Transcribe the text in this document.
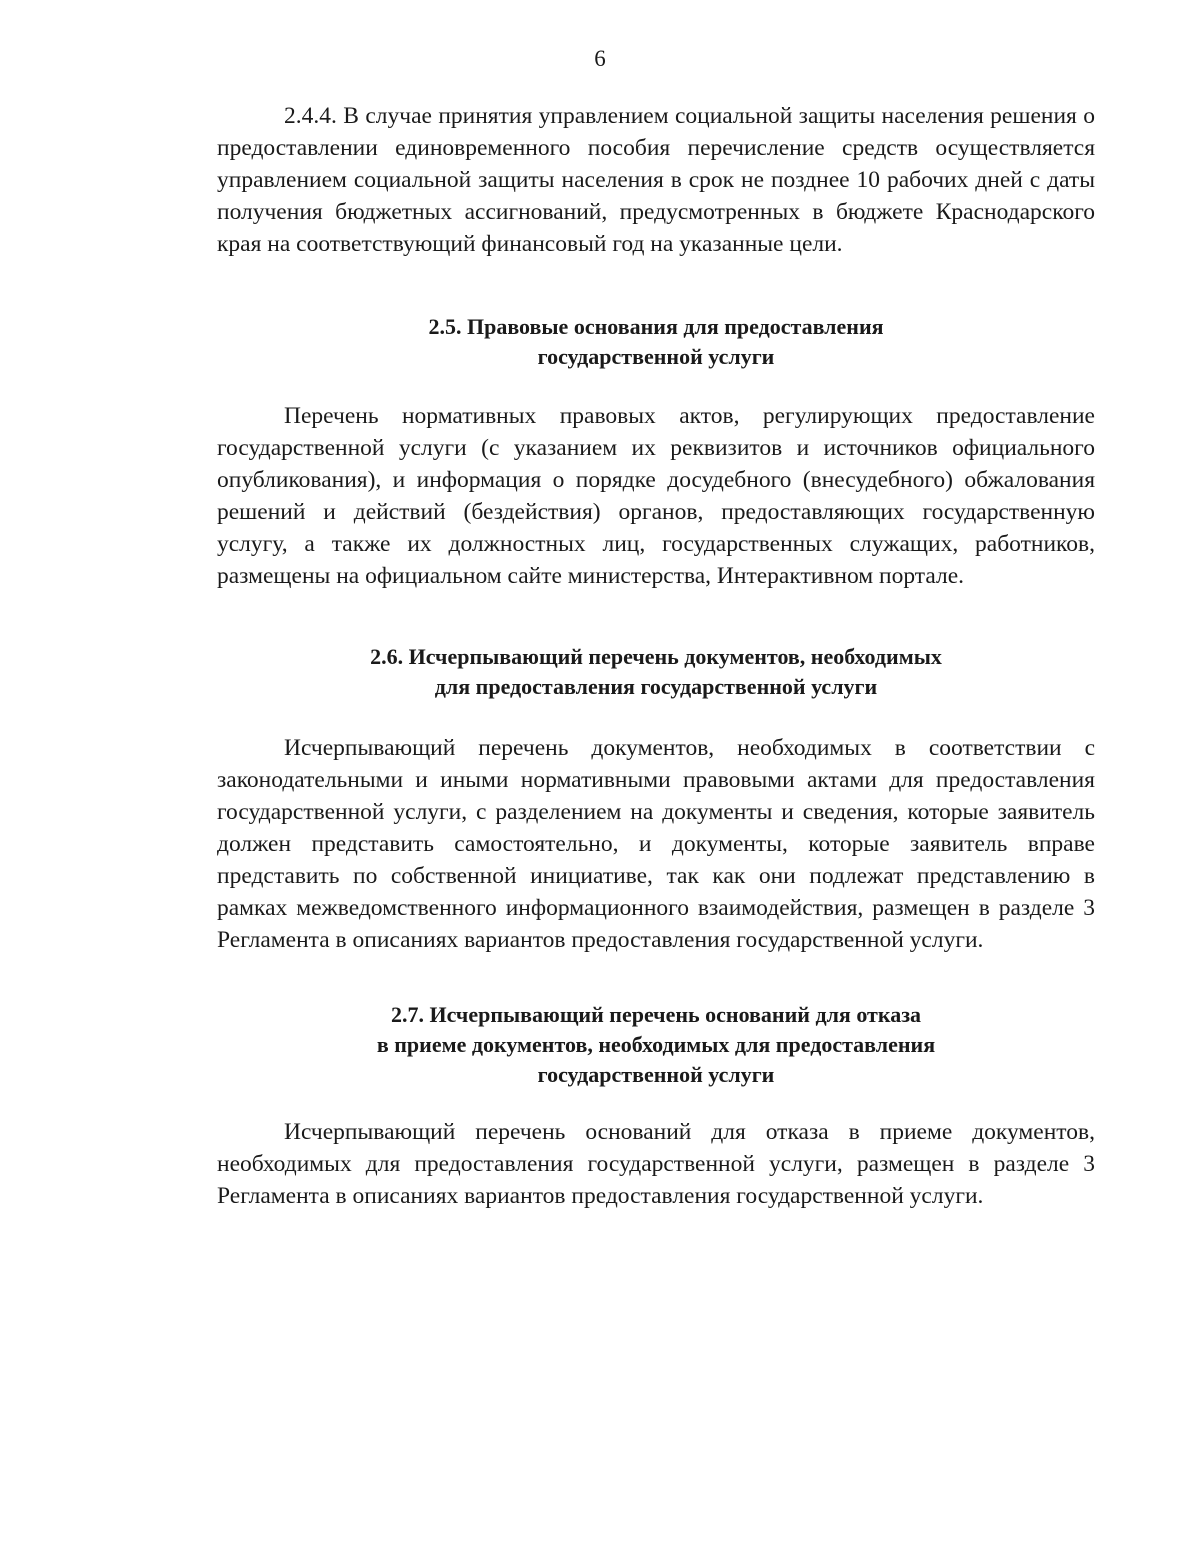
6

2.4.4. В случае принятия управлением социальной защиты населения решения о предоставлении единовременного пособия перечисление средств осуществляется управлением социальной защиты населения в срок не позднее 10 рабочих дней с даты получения бюджетных ассигнований, предусмотренных в бюджете Краснодарского края на соответствующий финансовый год на указанные цели.

2.5. Правовые основания для предоставления
государственной услуги

Перечень нормативных правовых актов, регулирующих предоставление государственной услуги (с указанием их реквизитов и источников официального опубликования), и информация о порядке досудебного (внесудебного) обжалования решений и действий (бездействия) органов, предоставляющих государственную услугу, а также их должностных лиц, государственных служащих, работников, размещены на официальном сайте министерства, Интерактивном портале.

2.6. Исчерпывающий перечень документов, необходимых
для предоставления государственной услуги

Исчерпывающий перечень документов, необходимых в соответствии с законодательными и иными нормативными правовыми актами для предоставления государственной услуги, с разделением на документы и сведения, которые заявитель должен представить самостоятельно, и документы, которые заявитель вправе представить по собственной инициативе, так как они подлежат представлению в рамках межведомственного информационного взаимодействия, размещен в разделе 3 Регламента в описаниях вариантов предоставления государственной услуги.

2.7. Исчерпывающий перечень оснований для отказа
в приеме документов, необходимых для предоставления
государственной услуги

Исчерпывающий перечень оснований для отказа в приеме документов, необходимых для предоставления государственной услуги, размещен в разделе 3 Регламента в описаниях вариантов предоставления государственной услуги.
